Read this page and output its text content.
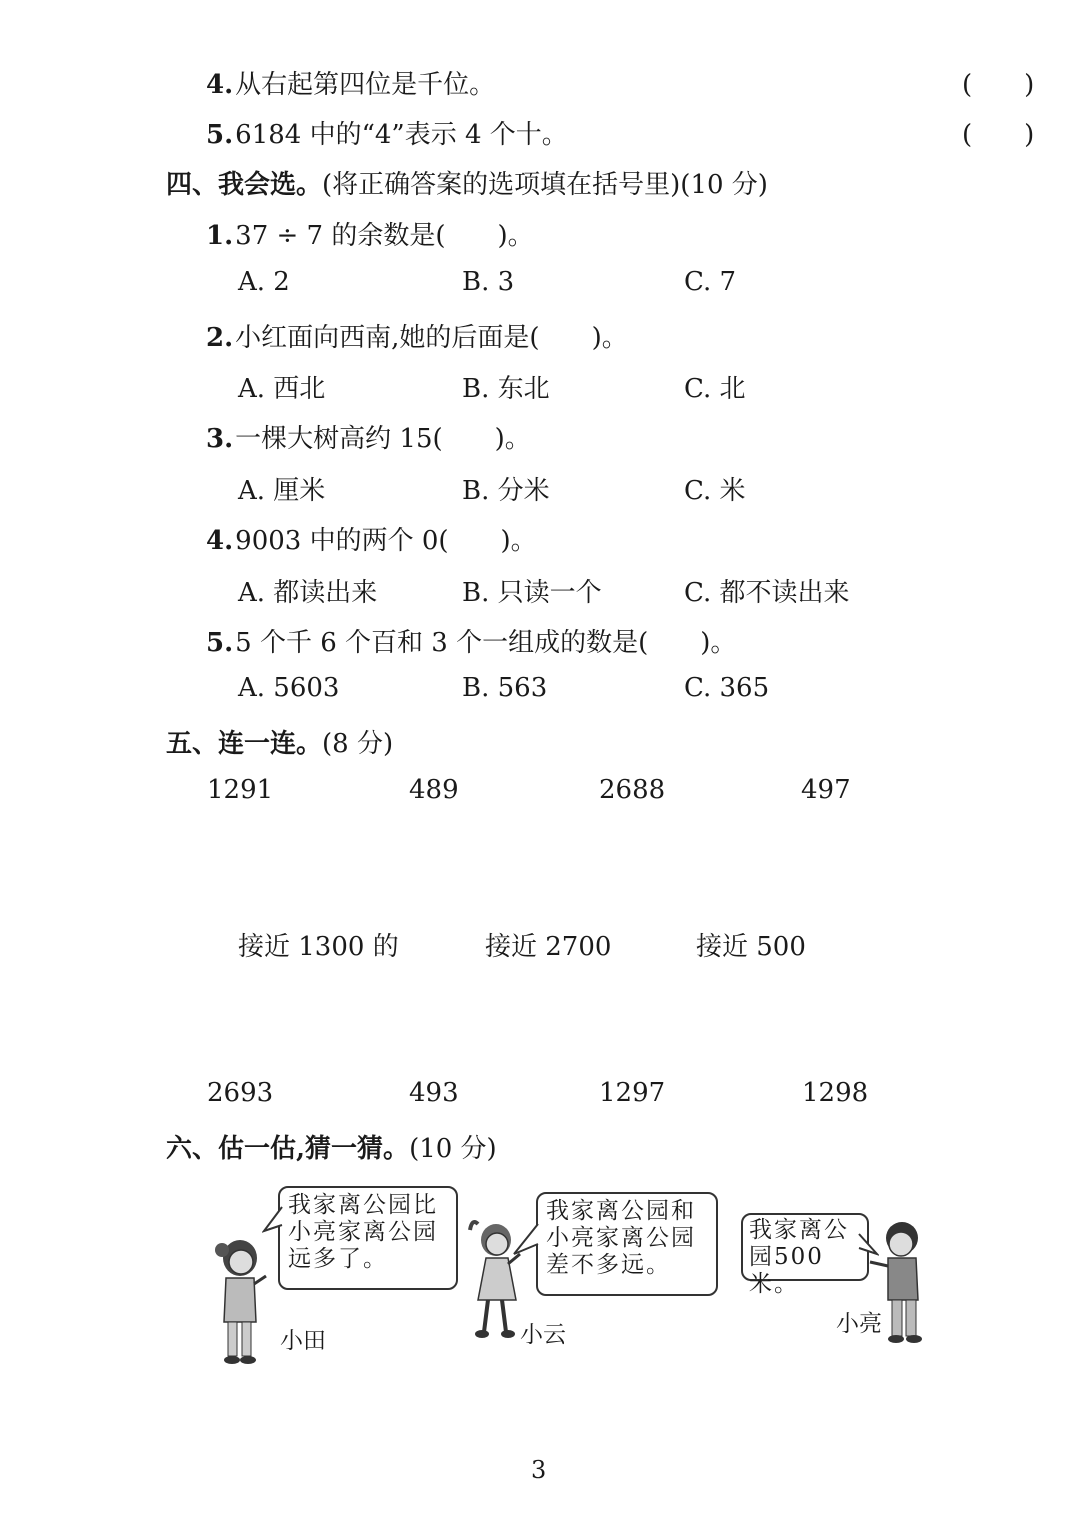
4.从右起第四位是千位。	(　　)
5.6184 中的“4”表示 4 个十。	(　　)
四、我会选。(将正确答案的选项填在括号里)(10 分)
1.37 ÷ 7 的余数是(　　)。
A. 2	B. 3	C. 7
2.小红面向西南,她的后面是(　　)。
A. 西北	B. 东北	C. 北
3.一棵大树高约 15(　　)。
A. 厘米	B. 分米	C. 米
4.9003 中的两个 0(　　)。
A. 都读出来	B. 只读一个	C. 都不读出来
5.5 个千 6 个百和 3 个一组成的数是(　　)。
A. 5603	B. 563	C. 365
五、连一连。(8 分)
1291	489	2688	497
接近 1300 的	接近 2700	接近 500
2693	493	1297	1298
六、估一估,猜一猜。(10 分)
我家离公园比小亮家离公园远多了。
我家离公园和小亮家离公园差不多远。
我家离公园500米。
小田	小云	小亮
3
